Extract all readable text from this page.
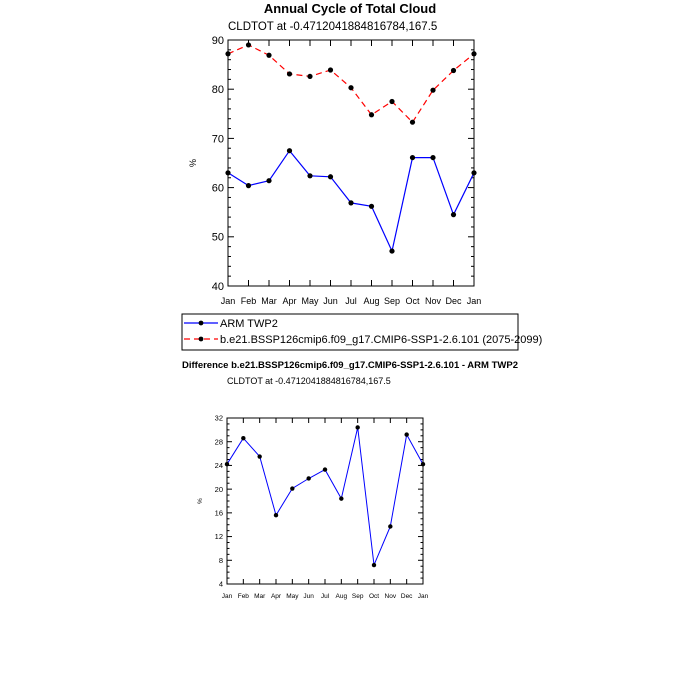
Annual Cycle of Total Cloud
CLDTOT at -0.4712041884816784,167.5
Difference b.e21.BSSP126cmip6.f09_g17.CMIP6-SSP1-2.6.101 - ARM TWP2
CLDTOT at -0.4712041884816784,167.5
40
50
60
70
80
90
Jan Feb Mar Apr May Jun Jul Aug Sep Oct Nov Dec Jan
%
ARM TWP2
b.e21.BSSP126cmip6.f09_g17.CMIP6-SSP1-2.6.101 (2075-2099)
4
8
12
16
20
24
28
32
Jan Feb Mar Apr May Jun Jul Aug Sep Oct Nov Dec Jan
%
